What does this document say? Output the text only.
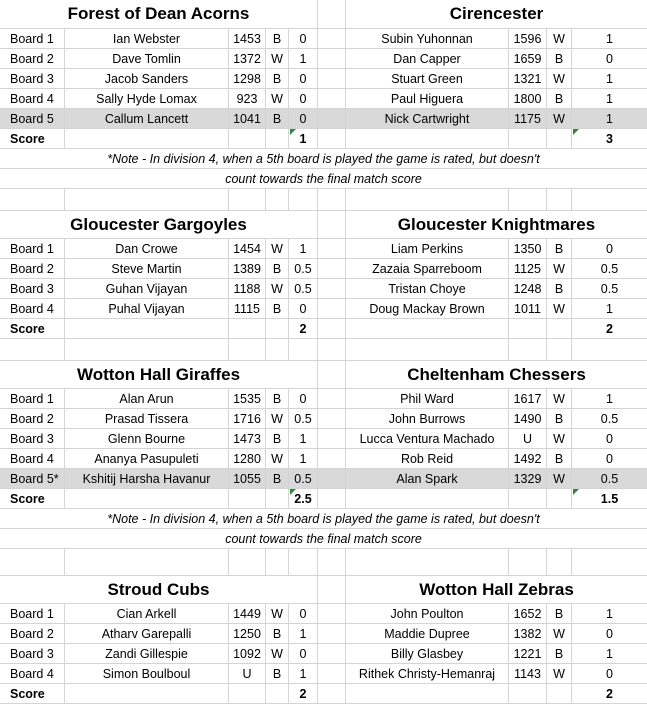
Forest of Dean Acorns	Cirencester
Board 1	Ian Webster	1453 B	0	Subin Yuhonnan	1596 W	1
Board 2	Dave Tomlin	1372 W	1	Dan Capper	1659	B	0
Board 3	Jacob Sanders	1298 B	0	Stuart Green	1321 W	1
Board 4	Sally Hyde Lomax	923	W	0	Paul Higuera	1800	B	1
Board 5	Callum Lancett	1041 B	0	Nick Cartwright	1175 W	1
Score	1	3
*Note - In division 4, when a 5th board is played the game is rated, but doesn't
count towards the final match score
Gloucester Gargoyles	Gloucester Knightmares
Board 1	Dan Crowe	1454 W	1	Liam Perkins	1350	B	0
Board 2	Steve Martin	1389 B	0.5	Zazaia Sparreboom	1125 W	0.5
Board 3	Guhan Vijayan	1188 W 0.5	Tristan Choye	1248	B	0.5
Board 4	Puhal Vijayan	1115	B	0	Doug Mackay Brown	1011 W	1
Score	2	2
Wotton Hall Giraffes	Cheltenham Chessers
Board 1	Alan Arun	1535 B	0	Phil Ward	1617 W	1
Board 2	Prasad Tissera	1716 W 0.5	John Burrows	1490	B	0.5
Board 3	Glenn Bourne	1473 B	1	Lucca Ventura Machado	U	W	0
Board 4	Ananya Pasupuleti	1280 W	1	Rob Reid	1492	B	0
Board 5*	Kshitij Harsha Havanur	1055 B	0.5	Alan Spark	1329 W	0.5
Score	2.5	1.5
*Note - In division 4, when a 5th board is played the game is rated, but doesn't
count towards the final match score
Stroud Cubs	Wotton Hall Zebras
Board 1	Cian Arkell	1449 W	0	John Poulton	1652	B	1
Board 2	Atharv Garepalli	1250 B	1	Maddie Dupree	1382 W	0
Board 3	Zandi Gillespie	1092 W	0	Billy Glasbey	1221	B	1
Board 4	Simon Boulboul	U	B	1	Rithek Christy-Hemanraj	1143 W	0
Score	2	2
